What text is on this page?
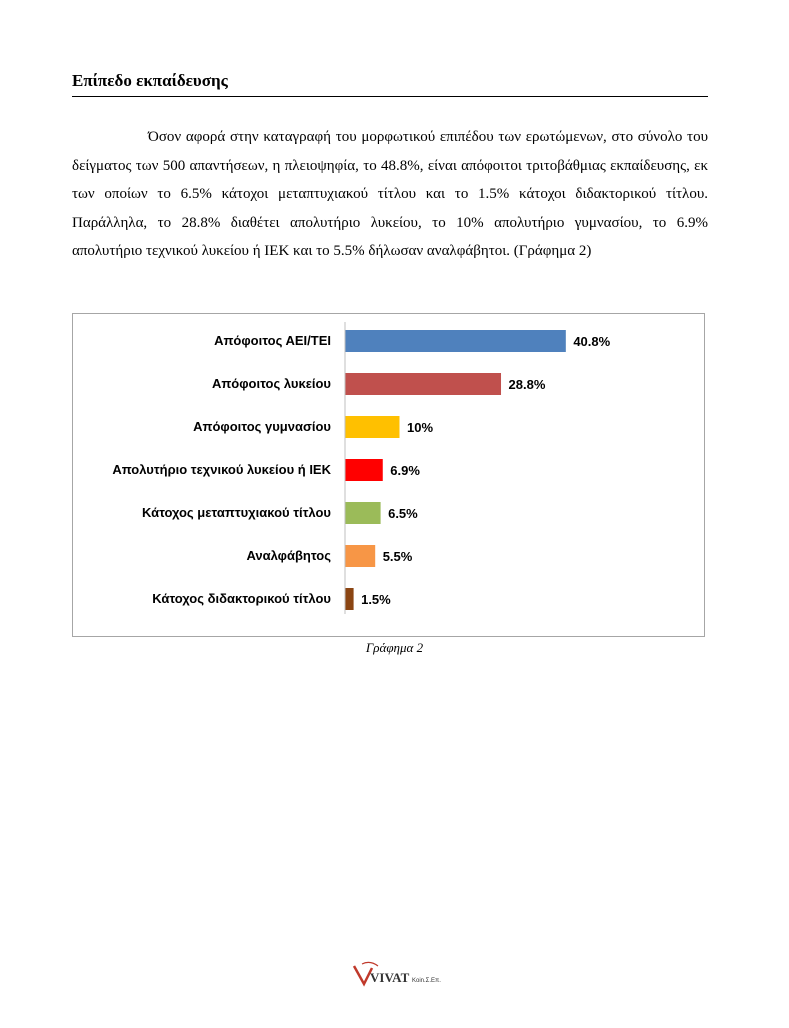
Επίπεδο εκπαίδευσης

Όσον αφορά στην καταγραφή του μορφωτικού επιπέδου των ερωτώμενων, στο σύνολο του δείγματος των 500 απαντήσεων, η πλειοψηφία, το 48.8%, είναι απόφοιτοι τριτοβάθμιας εκπαίδευσης, εκ των οποίων το 6.5% κάτοχοι μεταπτυχιακού τίτλου και το 1.5% κάτοχοι διδακτορικού τίτλου. Παράλληλα, το 28.8% διαθέτει απολυτήριο λυκείου, το 10% απολυτήριο γυμνασίου, το 6.9% απολυτήριο τεχνικού λυκείου ή ΙΕΚ και το 5.5% δήλωσαν αναλφάβητοι. (Γράφημα 2)

Απόφοιτος ΑΕΙ/ΤΕΙ	40.8%
Απόφοιτος λυκείου	28.8%
Απόφοιτος γυμνασίου	10%
Απολυτήριο τεχνικού λυκείου ή ΙΕΚ	6.9%
Κάτοχος μεταπτυχιακού τίτλου	6.5%
Αναλφάβητος	5.5%
Κάτοχος διδακτορικού τίτλου 1.5%
Γράφημα 2
VIVAT Koin.Σ.Επ.
